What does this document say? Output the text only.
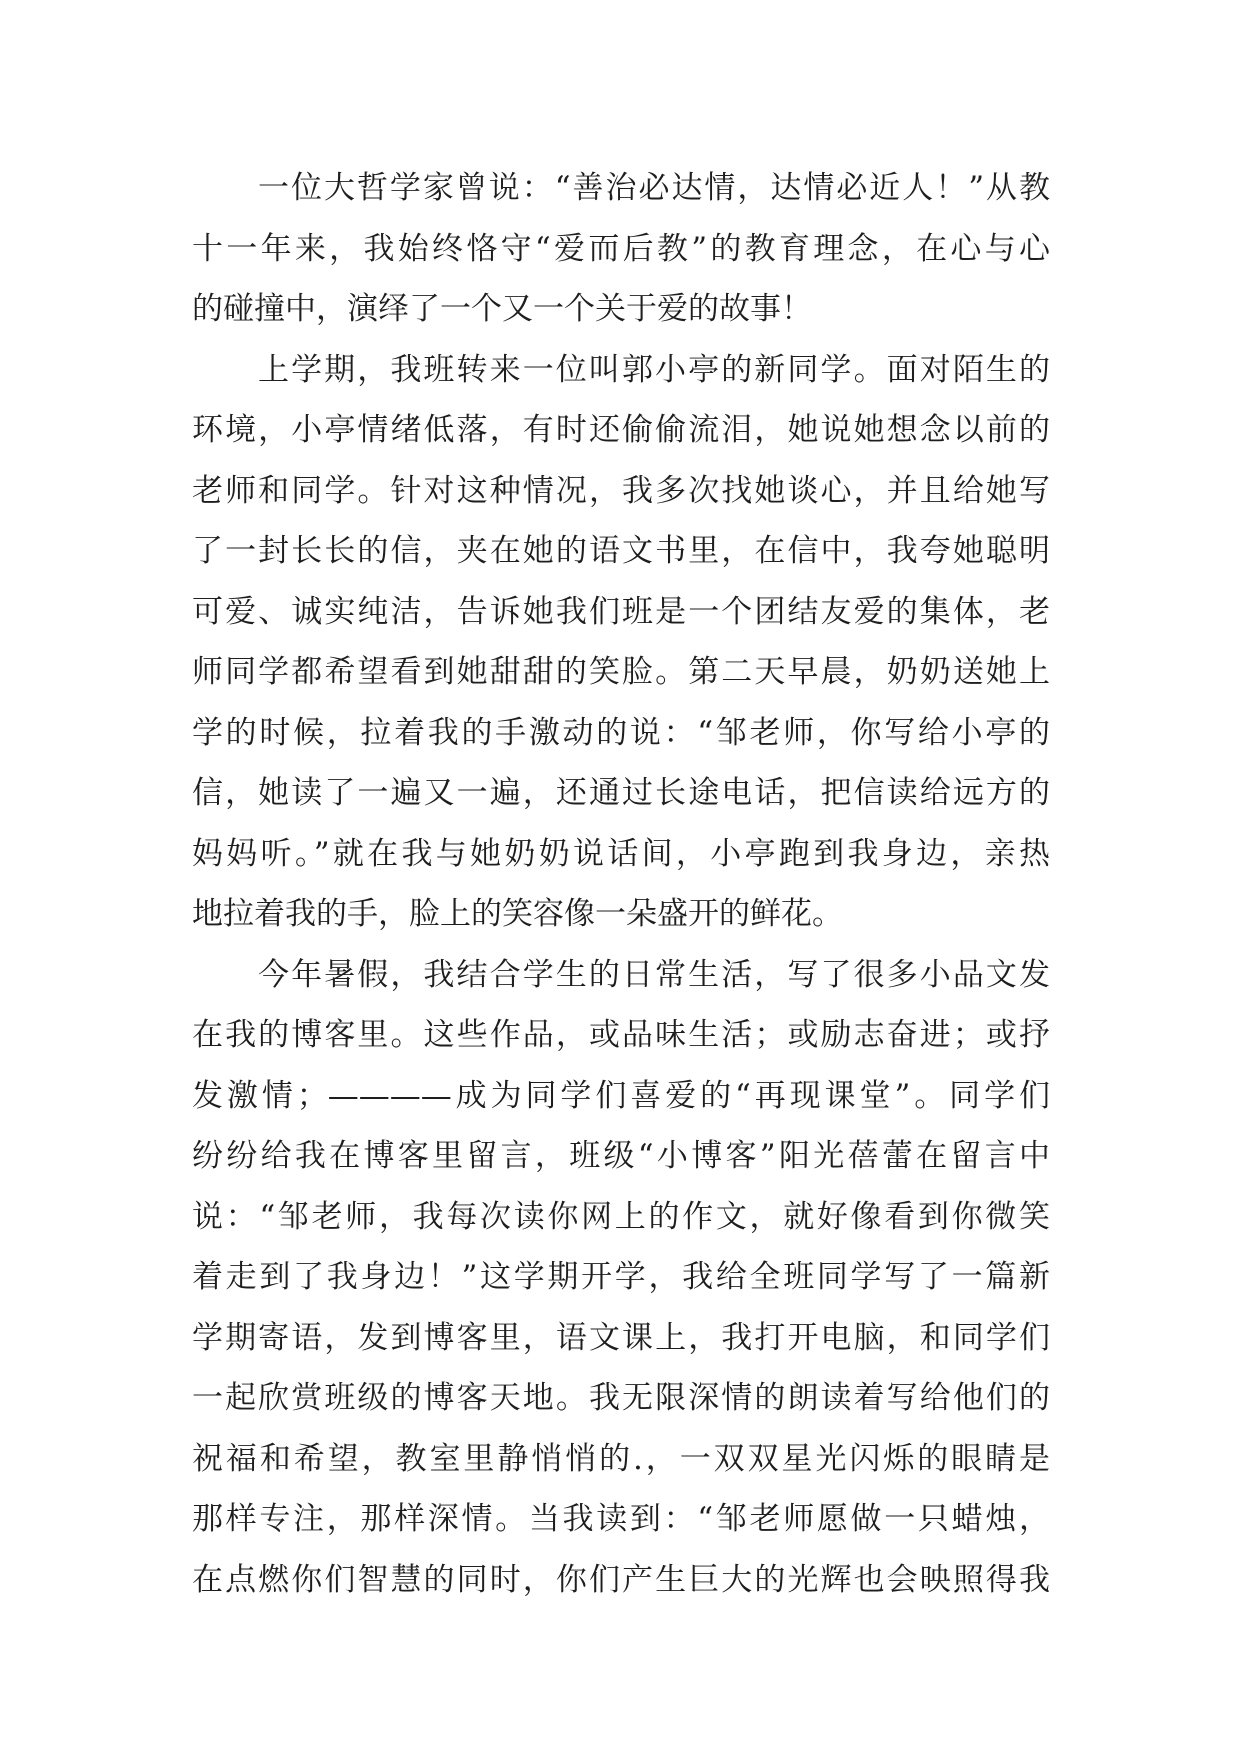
一位大哲学家曾说：“善治必达情，达情必近人！”从教
十一年来，我始终恪守“爱而后教”的教育理念，在心与心
的碰撞中，演绎了一个又一个关于爱的故事！
上学期，我班转来一位叫郭小亭的新同学。面对陌生的
环境，小亭情绪低落，有时还偷偷流泪，她说她想念以前的
老师和同学。针对这种情况，我多次找她谈心，并且给她写
了一封长长的信，夹在她的语文书里，在信中，我夸她聪明
可爱、诚实纯洁，告诉她我们班是一个团结友爱的集体，老
师同学都希望看到她甜甜的笑脸。第二天早晨，奶奶送她上
学的时候，拉着我的手激动的说：“邹老师，你写给小亭的
信，她读了一遍又一遍，还通过长途电话，把信读给远方的
妈妈听。”就在我与她奶奶说话间，小亭跑到我身边，亲热
地拉着我的手，脸上的笑容像一朵盛开的鲜花。
今年暑假，我结合学生的日常生活，写了很多小品文发
在我的博客里。这些作品，或品味生活；或励志奋进；或抒
发激情；————成为同学们喜爱的“再现课堂”。同学们
纷纷给我在博客里留言，班级“小博客”阳光蓓蕾在留言中
说：“邹老师，我每次读你网上的作文，就好像看到你微笑
着走到了我身边！”这学期开学，我给全班同学写了一篇新
学期寄语，发到博客里，语文课上，我打开电脑，和同学们
一起欣赏班级的博客天地。我无限深情的朗读着写给他们的
祝福和希望，教室里静悄悄的.，一双双星光闪烁的眼睛是
那样专注，那样深情。当我读到：“邹老师愿做一只蜡烛，
在点燃你们智慧的同时，你们产生巨大的光辉也会映照得我
